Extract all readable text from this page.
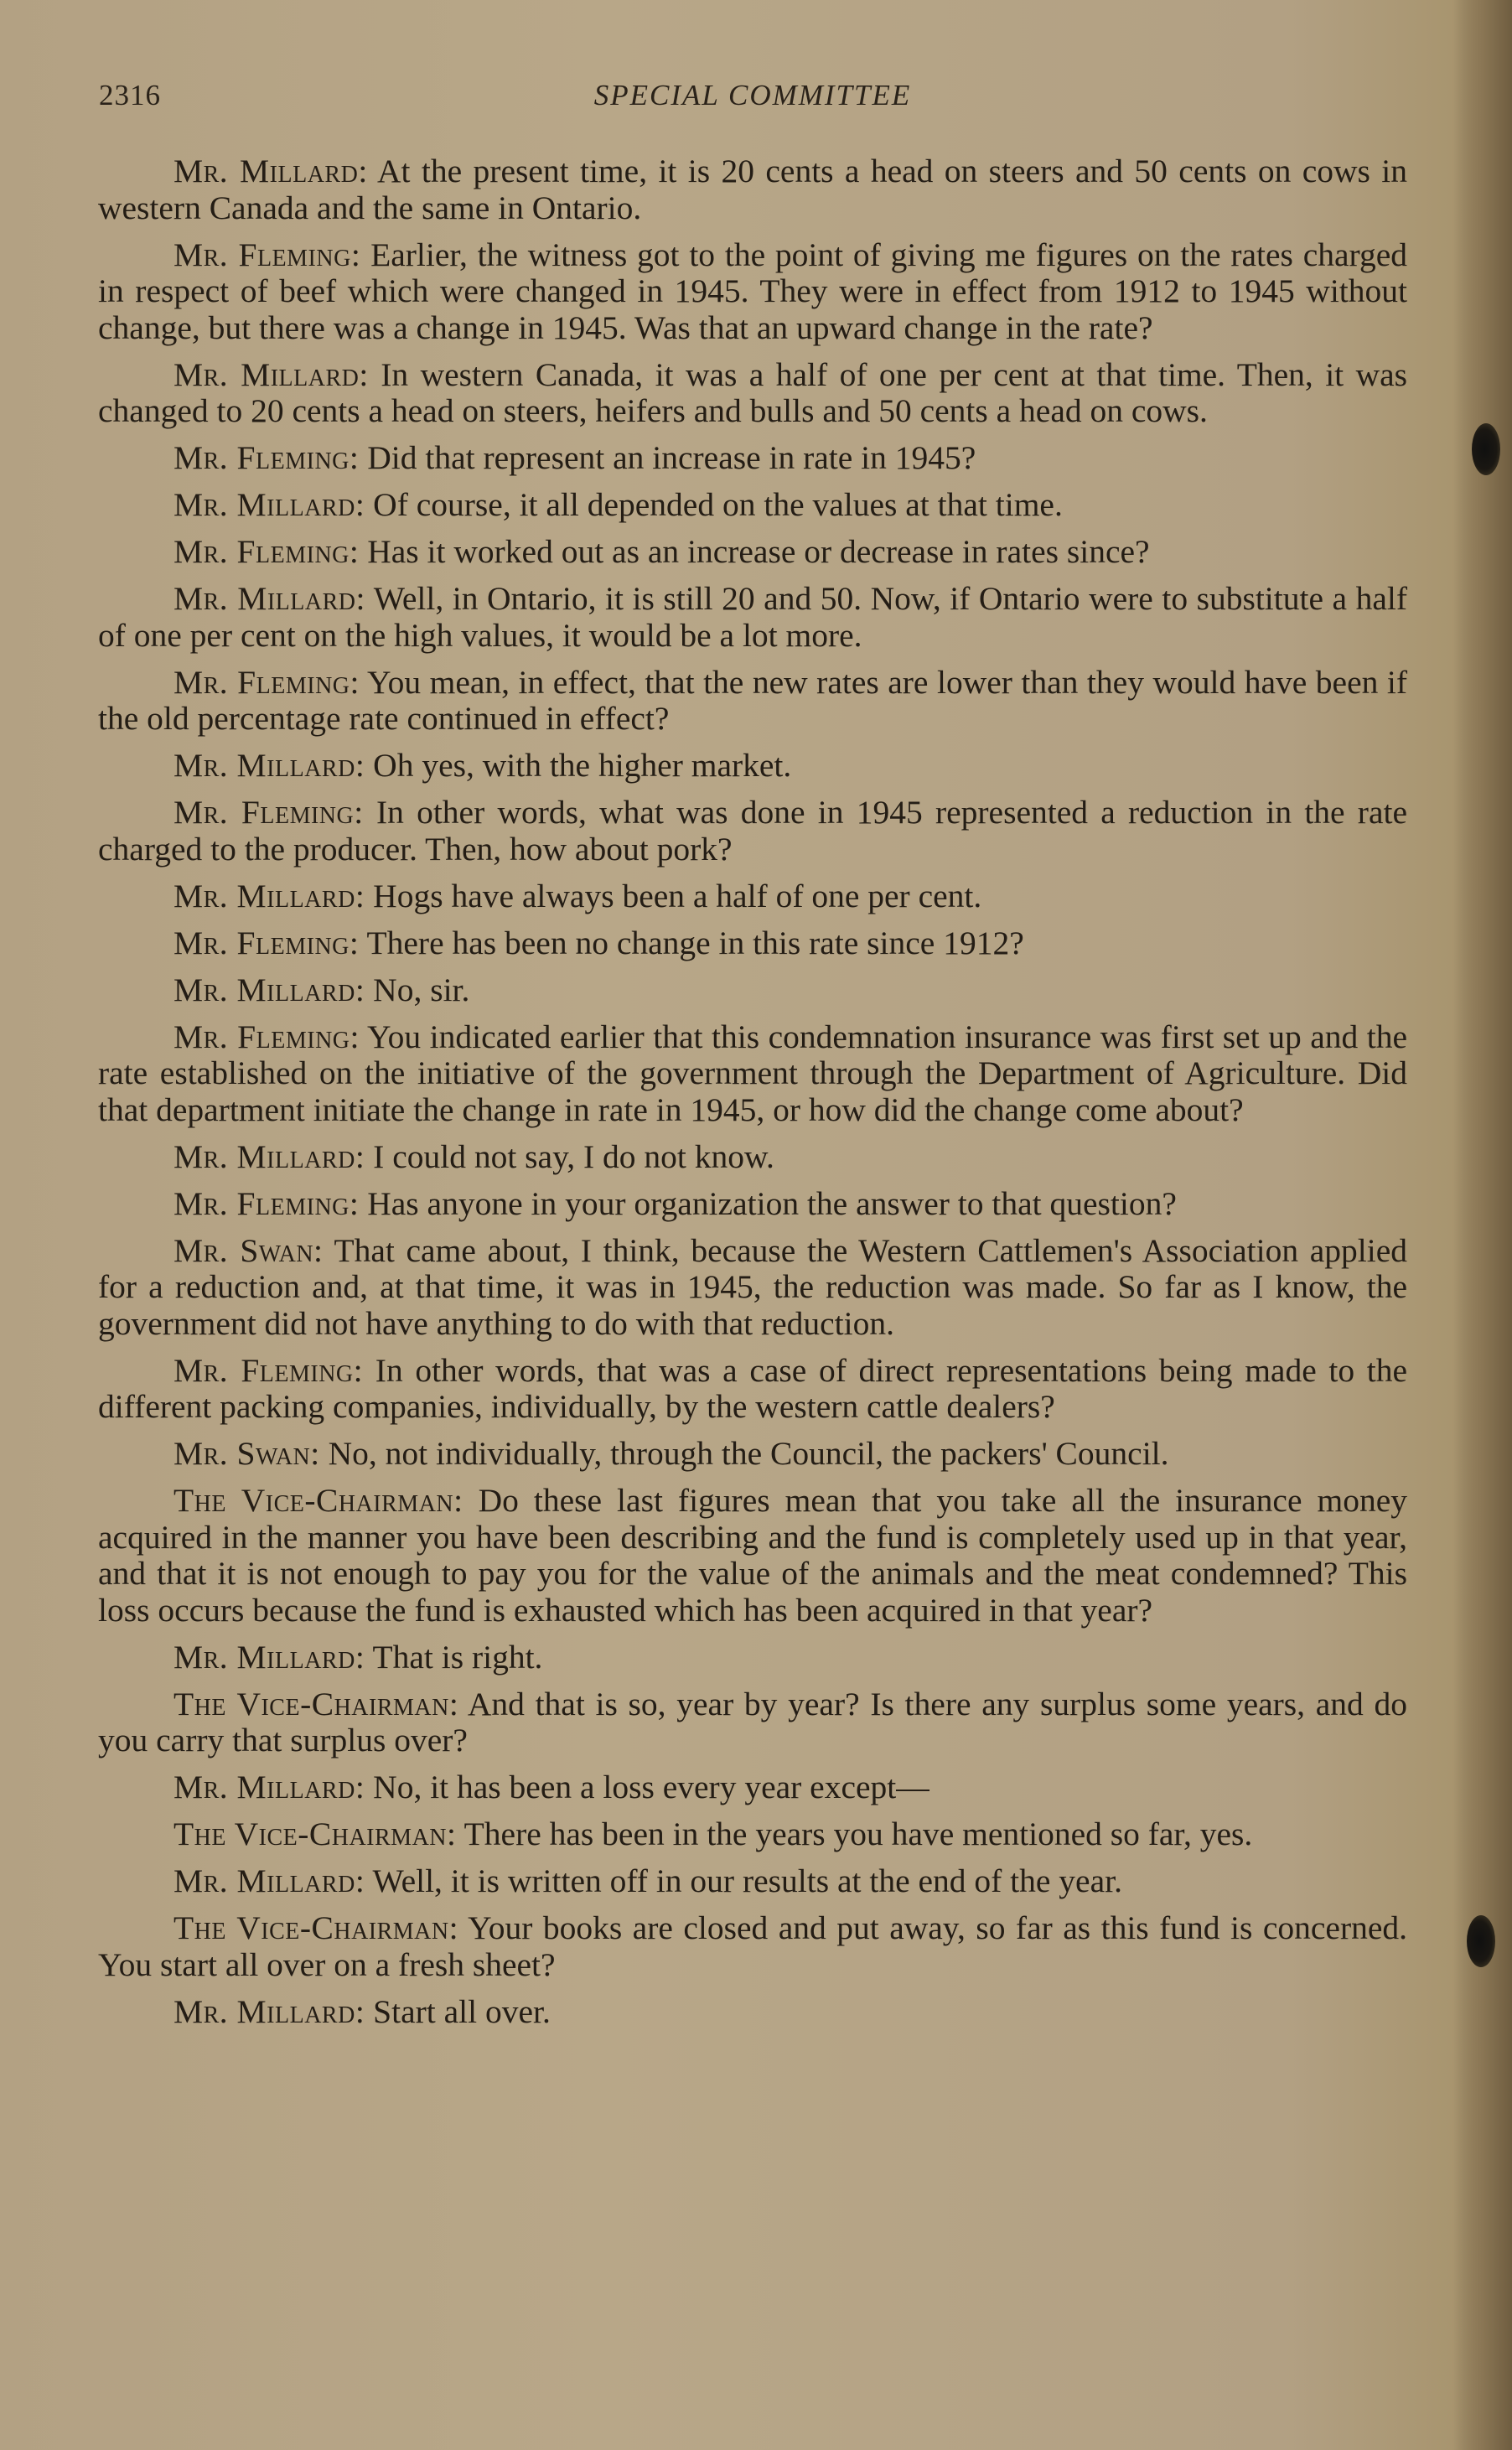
2316	SPECIAL COMMITTEE

Mr. Millard: At the present time, it is 20 cents a head on steers and 50 cents on cows in western Canada and the same in Ontario.

Mr. Fleming: Earlier, the witness got to the point of giving me figures on the rates charged in respect of beef which were changed in 1945. They were in effect from 1912 to 1945 without change, but there was a change in 1945. Was that an upward change in the rate?

Mr. Millard: In western Canada, it was a half of one per cent at that time. Then, it was changed to 20 cents a head on steers, heifers and bulls and 50 cents a head on cows.

Mr. Fleming: Did that represent an increase in rate in 1945?

Mr. Millard: Of course, it all depended on the values at that time.

Mr. Fleming: Has it worked out as an increase or decrease in rates since?

Mr. Millard: Well, in Ontario, it is still 20 and 50. Now, if Ontario were to substitute a half of one per cent on the high values, it would be a lot more.

Mr. Fleming: You mean, in effect, that the new rates are lower than they would have been if the old percentage rate continued in effect?

Mr. Millard: Oh yes, with the higher market.

Mr. Fleming: In other words, what was done in 1945 represented a reduction in the rate charged to the producer. Then, how about pork?

Mr. Millard: Hogs have always been a half of one per cent.

Mr. Fleming: There has been no change in this rate since 1912?

Mr. Millard: No, sir.

Mr. Fleming: You indicated earlier that this condemnation insurance was first set up and the rate established on the initiative of the government through the Department of Agriculture. Did that department initiate the change in rate in 1945, or how did the change come about?

Mr. Millard: I could not say, I do not know.

Mr. Fleming: Has anyone in your organization the answer to that question?

Mr. Swan: That came about, I think, because the Western Cattlemen's Association applied for a reduction and, at that time, it was in 1945, the reduction was made. So far as I know, the government did not have anything to do with that reduction.

Mr. Fleming: In other words, that was a case of direct representations being made to the different packing companies, individually, by the western cattle dealers?

Mr. Swan: No, not individually, through the Council, the packers' Council.

The Vice-Chairman: Do these last figures mean that you take all the insurance money acquired in the manner you have been describing and the fund is completely used up in that year, and that it is not enough to pay you for the value of the animals and the meat condemned? This loss occurs because the fund is exhausted which has been acquired in that year?

Mr. Millard: That is right.

The Vice-Chairman: And that is so, year by year? Is there any surplus some years, and do you carry that surplus over?

Mr. Millard: No, it has been a loss every year except—

The Vice-Chairman: There has been in the years you have mentioned so far, yes.

Mr. Millard: Well, it is written off in our results at the end of the year.

The Vice-Chairman: Your books are closed and put away, so far as this fund is concerned. You start all over on a fresh sheet?

Mr. Millard: Start all over.
